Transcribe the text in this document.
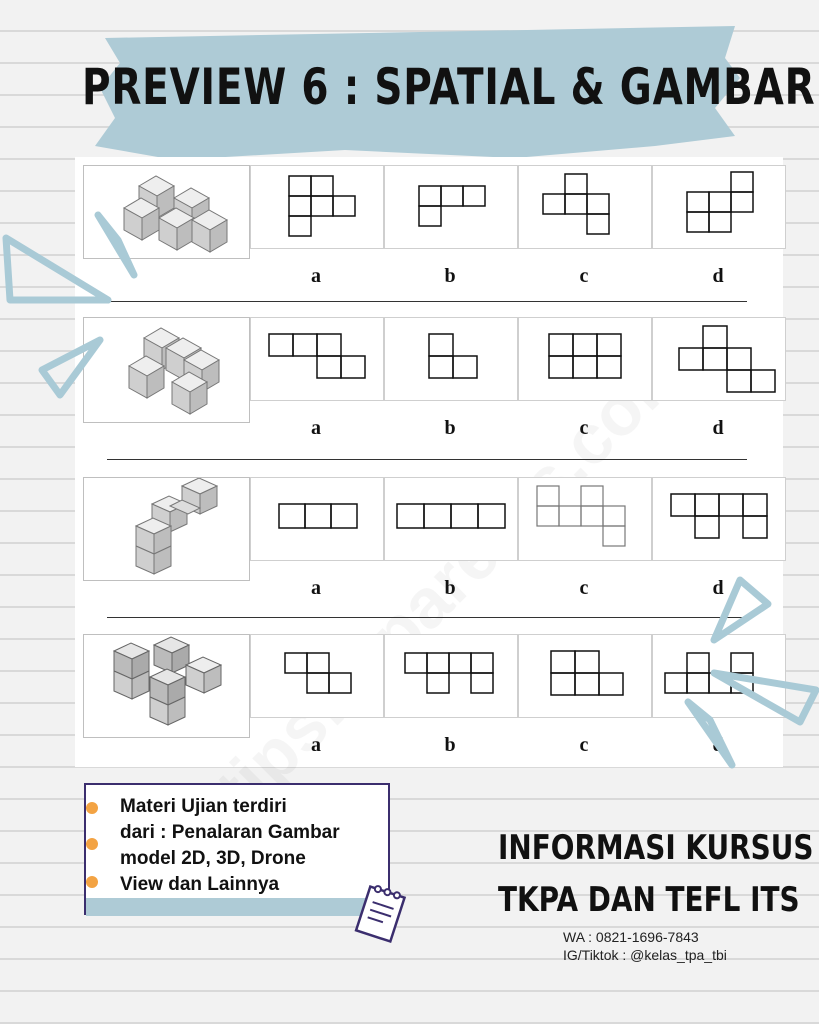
PREVIEW 6 : SPATIAL & GAMBAR
a	b	c	d
a	b	c	d
a	b	c	d
a	b	c	d
Materi Ujian terdiri
dari : Penalaran Gambar
model 2D, 3D, Drone
View dan Lainnya
INFORMASI KURSUS
TKPA DAN TEFL ITS
WA : 0821-1696-7843
IG/Tiktok : @kelas_tpa_tbi
